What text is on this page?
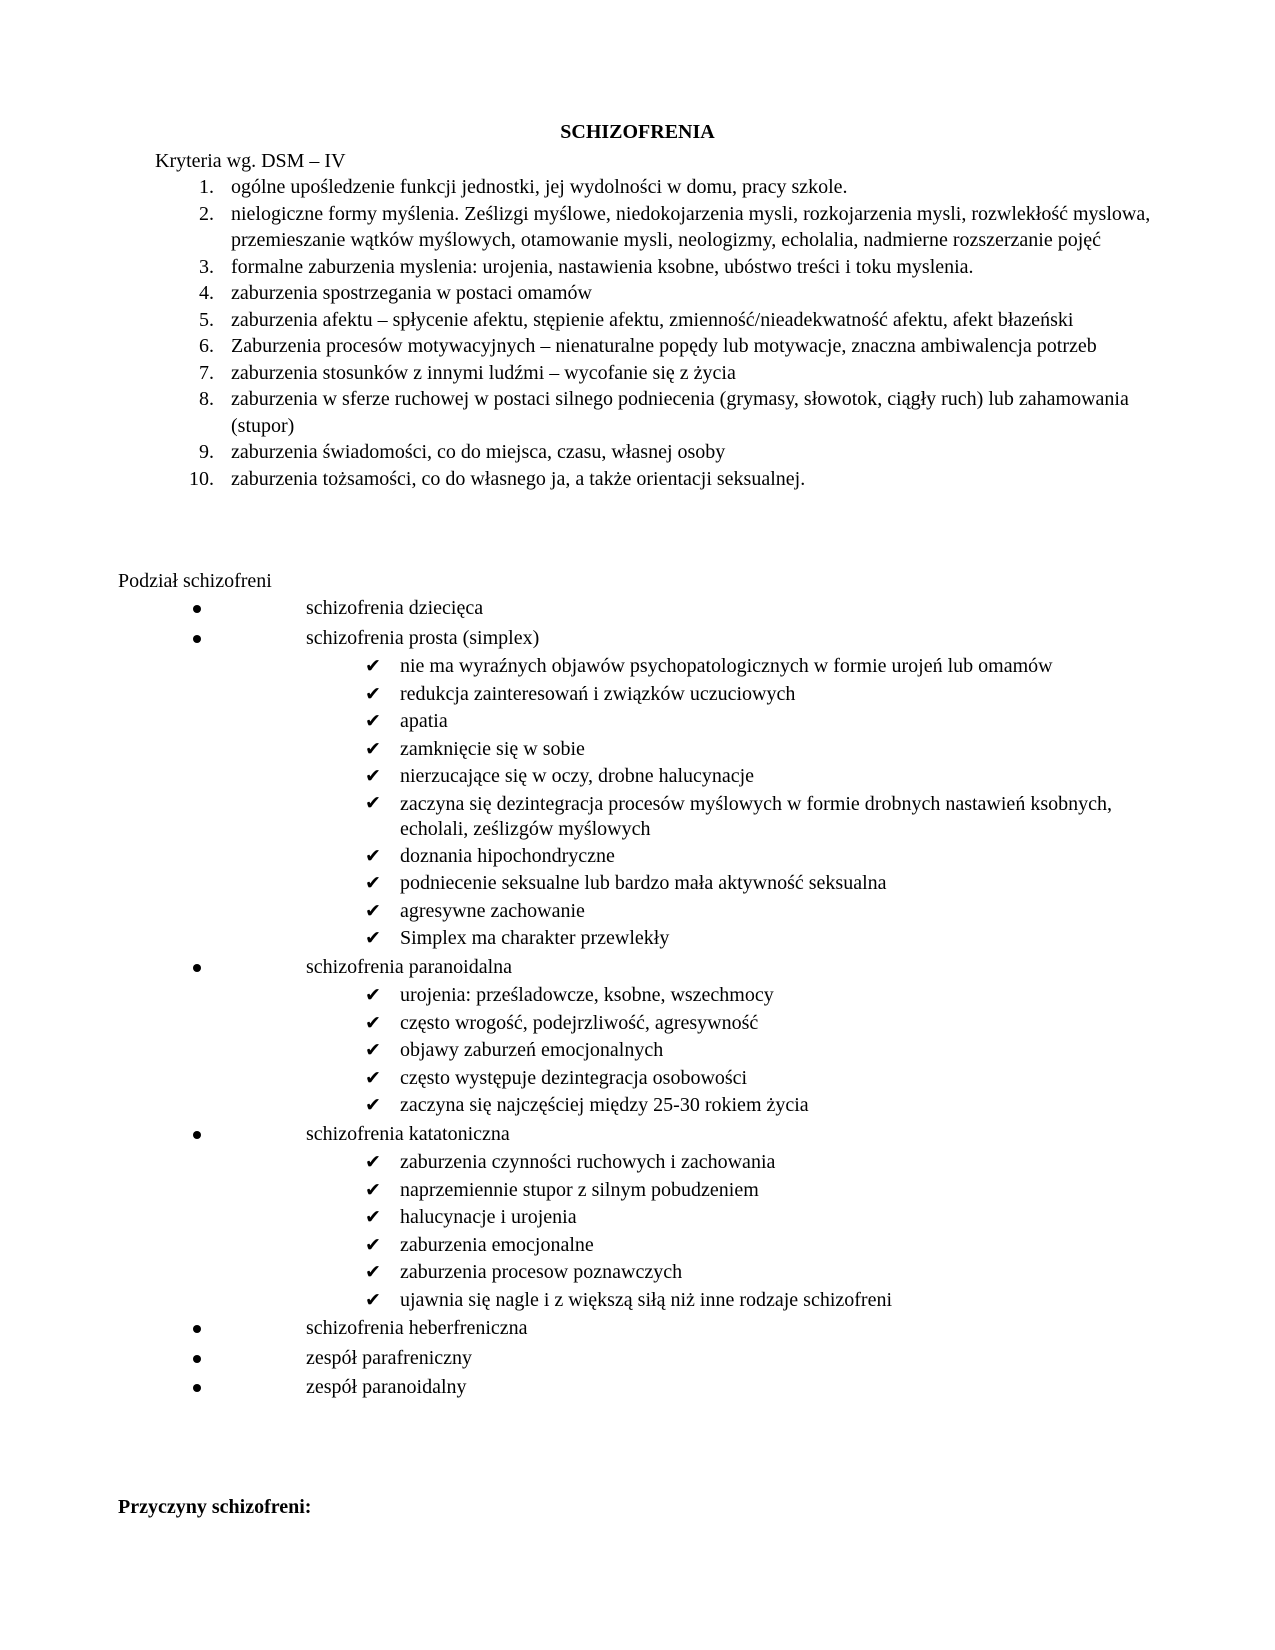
SCHIZOFRENIA
Kryteria wg. DSM – IV
1. ogólne upośledzenie funkcji jednostki, jej wydolności w domu, pracy szkole.
2. nielogiczne formy myślenia. Ześlizgi myślowe, niedokojarzenia mysli, rozkojarzenia mysli, rozwlekłość myslowa, przemieszanie wątków myślowych, otamowanie mysli, neologizmy, echolalia, nadmierne rozszerzanie pojęć
3. formalne zaburzenia myslenia: urojenia, nastawienia ksobne, ubóstwo treści i toku myslenia.
4. zaburzenia spostrzegania w postaci omamów
5. zaburzenia afektu – spłycenie afektu, stępienie afektu, zmienność/nieadekwatność afektu, afekt błazeński
6. Zaburzenia procesów motywacyjnych – nienaturalne popędy lub motywacje, znaczna ambiwalencja potrzeb
7. zaburzenia stosunków z innymi ludźmi – wycofanie się z życia
8. zaburzenia w sferze ruchowej w postaci silnego podniecenia (grymasy, słowotok, ciągły ruch) lub zahamowania (stupor)
9. zaburzenia świadomości, co do miejsca, czasu, własnej osoby
10. zaburzenia tożsamości, co do własnego ja, a także orientacji seksualnej.
Podział schizofreni
schizofrenia dziecięca
schizofrenia prosta (simplex)
✔ nie ma wyraźnych objawów psychopatologicznych w formie urojeń lub omamów
✔ redukcja zainteresowań i związków uczuciowych
✔ apatia
✔ zamknięcie się w sobie
✔ nierzucające się w oczy, drobne halucynacje
✔ zaczyna się dezintegracja procesów myślowych w formie drobnych nastawień ksobnych, echolali, ześlizgów myślowych
✔ doznania hipochondryczne
✔ podniecenie seksualne lub bardzo mała aktywność seksualna
✔ agresywne zachowanie
✔ Simplex ma charakter przewlekły
schizofrenia paranoidalna
✔ urojenia: prześladowcze, ksobne, wszechmocy
✔ często wrogość, podejrzliwość, agresywność
✔ objawy zaburzeń emocjonalnych
✔ często występuje dezintegracja osobowości
✔ zaczyna się najczęściej między 25-30 rokiem życia
schizofrenia katatoniczna
✔ zaburzenia czynności ruchowych i zachowania
✔ naprzemiennie stupor z silnym pobudzeniem
✔ halucynacje i urojenia
✔ zaburzenia emocjonalne
✔ zaburzenia procesow poznawczych
✔ ujawnia się nagle i z większą siłą niż inne rodzaje schizofreni
schizofrenia heberfreniczna
zespół parafreniczny
zespół paranoidalny
Przyczyny schizofreni:
